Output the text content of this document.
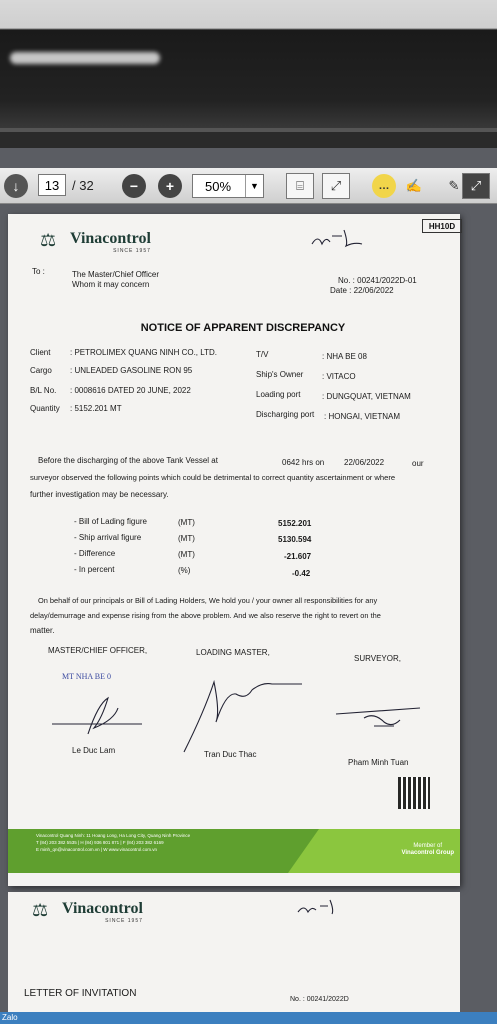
↓	13 / 32	−	+	50%	▼	⌸	⤢	…	✍	✎ ⤢
HH10D
⚖ Vinacontrol
SINCE 1957
To :	The Master/Chief Officer
Whom it may concern	No. : 00241/2022D-01
Date : 22/06/2022
NOTICE OF APPARENT DISCREPANCY
Client : PETROLIMEX QUANG NINH CO., LTD.
Cargo : UNLEADED GASOLINE RON 95
B/L No. : 0008616 DATED 20 JUNE, 2022
Quantity : 5152.201 MT
T/V	: NHA BE 08
Ship's Owner : VITACO
Loading port	: DUNGQUAT, VIETNAM
Discharging port : HONGAI, VIETNAM
Before the discharging of the above Tank Vessel at	0642 hrs on 22/06/2022	our
surveyor observed the following points which could be detrimental to correct quantity ascertainment or where
further investigation may be necessary.
- Bill of Lading figure	(MT)	5152.201
- Ship arrival figure	(MT)	5130.594
- Difference	(MT)	-21.607
- In percent	(%)	-0.42
On behalf of our principals or Bill of Lading Holders, We hold you / your owner all responsibilities for any
delay/demurrage and expense rising from the above problem. And we also reserve the right to revert on the
matter.
MASTER/CHIEF OFFICER,	LOADING MASTER,
SURVEYOR,
MT NHA BE 0
Le Duc Lam	Tran Duc Thac
Pham Minh Tuan
Vinacontrol Quang Ninh: 11 Hoang Long, Ha Long City, Quang Ninh Province
T (84) 203 382 5535 | H (84) 936 801 871 | F (84) 203 382 6169
E minh_qn@vinacontrol.com.vn | W www.vinacontrol.com.vn
Member of
Vinacontrol Group
⚖ Vinacontrol
SINCE 1957
LETTER OF INVITATION
No. : 00241/2022D
Zalo
